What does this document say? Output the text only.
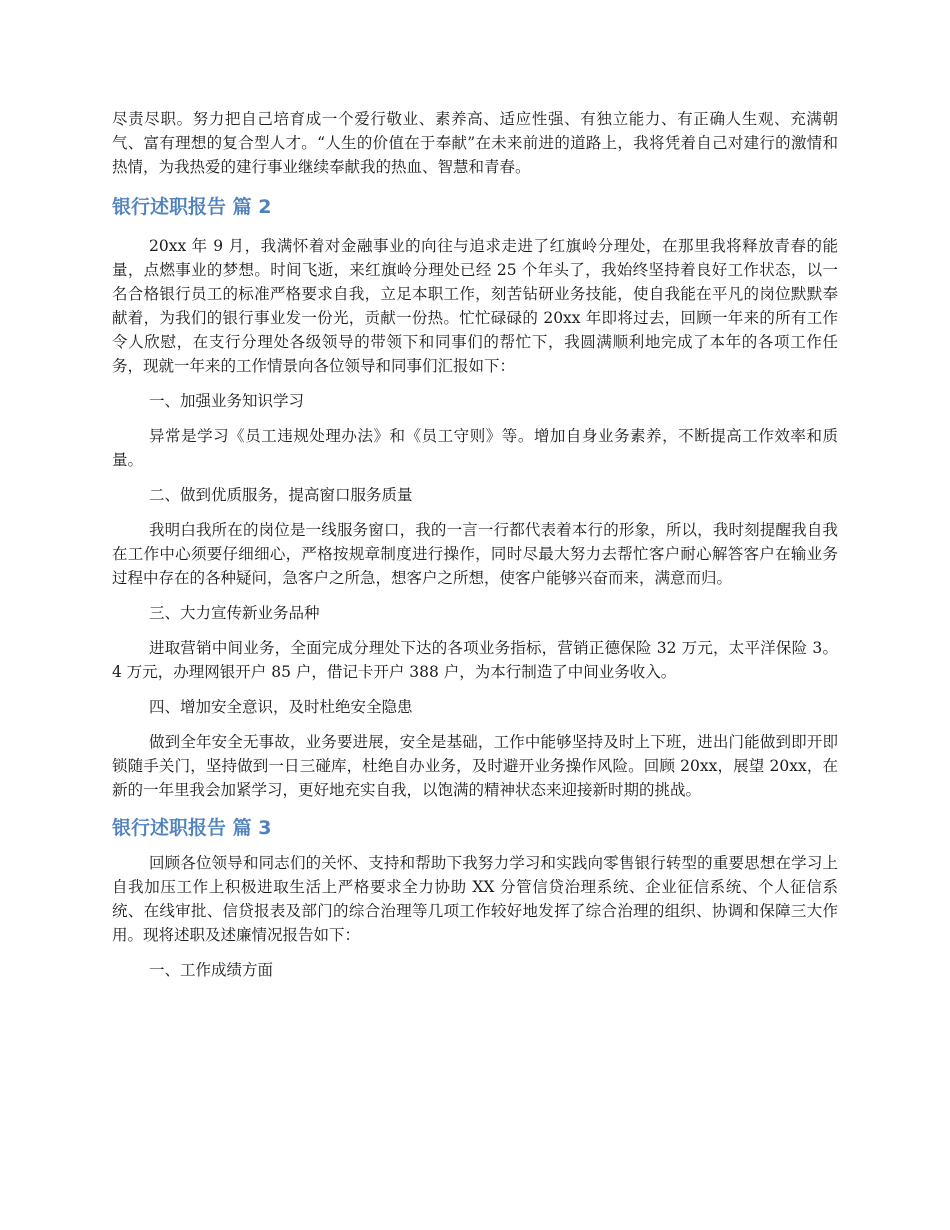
尽责尽职。努力把自己培育成一个爱行敬业、素养高、适应性强、有独立能力、有正确人生观、充满朝气、富有理想的复合型人才。“人生的价值在于奉献”在未来前进的道路上，我将凭着自己对建行的激情和热情，为我热爱的建行事业继续奉献我的热血、智慧和青春。

银行述职报告 篇 2

20xx 年 9 月，我满怀着对金融事业的向往与追求走进了红旗岭分理处，在那里我将释放青春的能量，点燃事业的梦想。时间飞逝，来红旗岭分理处已经 25 个年头了，我始终坚持着良好工作状态，以一名合格银行员工的标准严格要求自我，立足本职工作，刻苦钻研业务技能，使自我能在平凡的岗位默默奉献着，为我们的银行事业发一份光，贡献一份热。忙忙碌碌的 20xx 年即将过去，回顾一年来的所有工作令人欣慰，在支行分理处各级领导的带领下和同事们的帮忙下，我圆满顺利地完成了本年的各项工作任务，现就一年来的工作情景向各位领导和同事们汇报如下：

一、加强业务知识学习

异常是学习《员工违规处理办法》和《员工守则》等。增加自身业务素养，不断提高工作效率和质量。

二、做到优质服务，提高窗口服务质量

我明白我所在的岗位是一线服务窗口，我的一言一行都代表着本行的形象，所以，我时刻提醒我自我在工作中心须要仔细细心，严格按规章制度进行操作，同时尽最大努力去帮忙客户耐心解答客户在输业务过程中存在的各种疑问，急客户之所急，想客户之所想，使客户能够兴奋而来，满意而归。

三、大力宣传新业务品种

进取营销中间业务，全面完成分理处下达的各项业务指标，营销正德保险 32 万元，太平洋保险 3。4 万元，办理网银开户 85 户，借记卡开户 388 户，为本行制造了中间业务收入。

四、增加安全意识，及时杜绝安全隐患

做到全年安全无事故，业务要进展，安全是基础，工作中能够坚持及时上下班，进出门能做到即开即锁随手关门，坚持做到一日三碰库，杜绝自办业务，及时避开业务操作风险。回顾 20xx，展望 20xx，在新的一年里我会加紧学习，更好地充实自我，以饱满的精神状态来迎接新时期的挑战。

银行述职报告 篇 3

回顾各位领导和同志们的关怀、支持和帮助下我努力学习和实践向零售银行转型的重要思想在学习上自我加压工作上积极进取生活上严格要求全力协助 XX 分管信贷治理系统、企业征信系统、个人征信系统、在线审批、信贷报表及部门的综合治理等几项工作较好地发挥了综合治理的组织、协调和保障三大作用。现将述职及述廉情况报告如下：

一、工作成绩方面
